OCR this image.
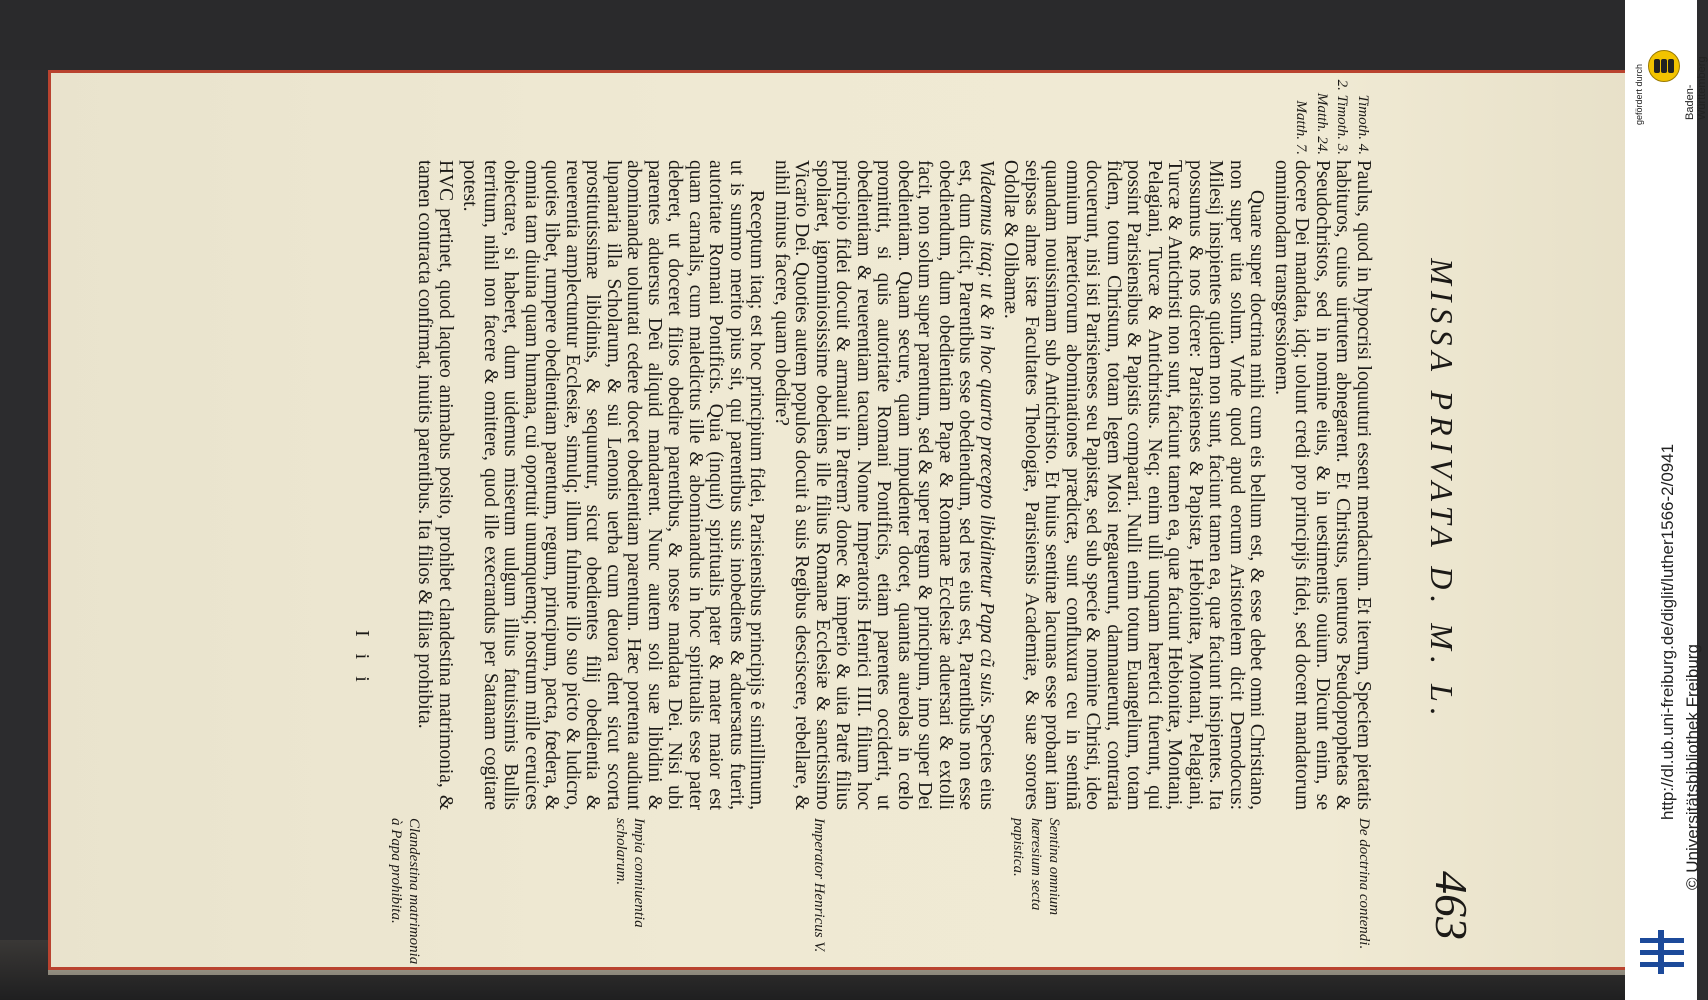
MISSA PRIVATA D. M. L.
463
Timoth. 4.
2. Timoth. 3.
Matth. 24.
Matth. 7.

Paulus, quod in hypocrisi loquuturi essent mendacium. Et iterum, Speciem pietatis habituros, cuius uirtutem abnegarent. Et Christus, uenturos Pseudoprophetas & Pseudochristos, sed in nomine eius, & in uestimentis ouium. Dicunt enim, se docere Dei mandata, idq; uolunt credi pro principijs fidei, sed docent mandatorum omnimodam transgressionem.

Quare super doctrina mihi cum eis bellum est, & esse debet omni Christiano, non super uita solum. Vnde quod apud eorum Aristotelem dicit Demodocus: Milesij insipientes quidem non sunt, faciunt tamen ea, quæ faciunt insipientes. Ita possumus & nos dicere: Parisienses & Papistæ, Hebionitæ, Montani, Pelagiani, Turcæ & Antichristi non sunt, faciunt tamen ea, quæ faciunt Hebionitæ, Montani, Pelagiani, Turcæ & Antichristus. Neq; enim ulli unquam hæretici fuerunt, qui possint Parisiensibus & Papistis comparari. Nulli enim totum Euangelium, totam fidem, totum Christum, totam legem Mosi negauerunt, damnauerunt, contraria docuerunt, nisi isti Parisienses seu Papistæ, sed sub specie & nomine Christi, ideo omnium hæreticorum abominationes prædictæ, sunt confluxura ceu in sentinã quandam nouissimam sub Antichristo. Et huius sentinæ lacunas esse probant iam seipsas almæ istæ Facultates Theologiæ, Parisiensis Academiæ, & suæ sorores Odollæ & Olibamæ.

Videamus itaq; ut & in hoc quarto præcepto libidinetur Papa cũ suis. Species eius est, dum dicit, Parentibus esse obediendum, sed res eius est, Parentibus non esse obediendum, dum obedientiam Papæ & Romanæ Ecclesiæ aduersari & extolli facit, non solum super parentum, sed & super regum & principum, imo super Dei obedientiam. Quam secure, quam impudenter docet, quantas aureolas in cœlo promittit, si quis autoritate Romani Pontificis, etiam parentes occiderit, ut obedientiam & reuerentiam tacuam. Nonne Imperatoris Henrici IIII. filium hoc principio fidei docuit & armauit in Patrem? donec & imperio & uita Patrẽ filius spoliaret, ignominiosissime obediens ille filius Romanæ Ecclesiæ & sanctissimo Vicario Dei. Quoties autem populos docuit à suis Regibus desciscere, rebellare, & nihil minus facere, quam obedire?

Receptum itaq; est hoc principium fidei, Parisiensibus principijs ẽ simillimum, ut is summo merito pius sit, qui parentibus suis inobediens & aduersatus fuerit, autoritate Romani Pontificis. Quia (inquit) spiritualis pater & mater maior est quam carnalis, cum maledictus ille & abominandus in hoc spiritualis esse pater deberet, ut doceret filios obedire parentibus, & nosse mandata Dei. Nisi ubi parentes aduersus Deũ aliquid mandarent. Nunc autem soli suæ libidini & abominandæ uoluntati cedere docet obedientiam parentum. Hæc portenta audiunt lupanaria illa Scholarum, & sui Lenonis uerba cum deuora dent sicut scorta prostitutissimæ libidinis, & sequuntur, sicut obedientes filij obedientia & reuerentia amplectuntur Ecclesiæ, simulq; illum fulmine illo suo picto & ludicro, quoties libet, rumpere obedientiam parentum, regum, principum, pacta, fœdera, & omnia tam diuina quam humana, cui oportuit unumquemq; nostrum mille ceruices obiectare, si haberet, dum uidemus miserum uulgum illius fatuissimis Bullis territum, nihil non facere & omittere, quod ille execrandus per Satanam cogitare potest.

HVC pertinet, quod laqueo animabus posito, prohibet clandestina matrimonia, & tamen contracta confirmat, inuitis parentibus. Ita filios & filias prohibita.

De doctrina contendi.
Sentina omnium hæresium secta papistica.
Imperator Henricus V.
Impia conniuentia scholarum.
Clandestina matrimonia à Papa prohibita.
I i i
gefördert durch	Baden-Württemberg
http://dl.ub.uni-freiburg.de/diglit/luther1566-2/0941 © Universitätsbibliothek Freiburg
